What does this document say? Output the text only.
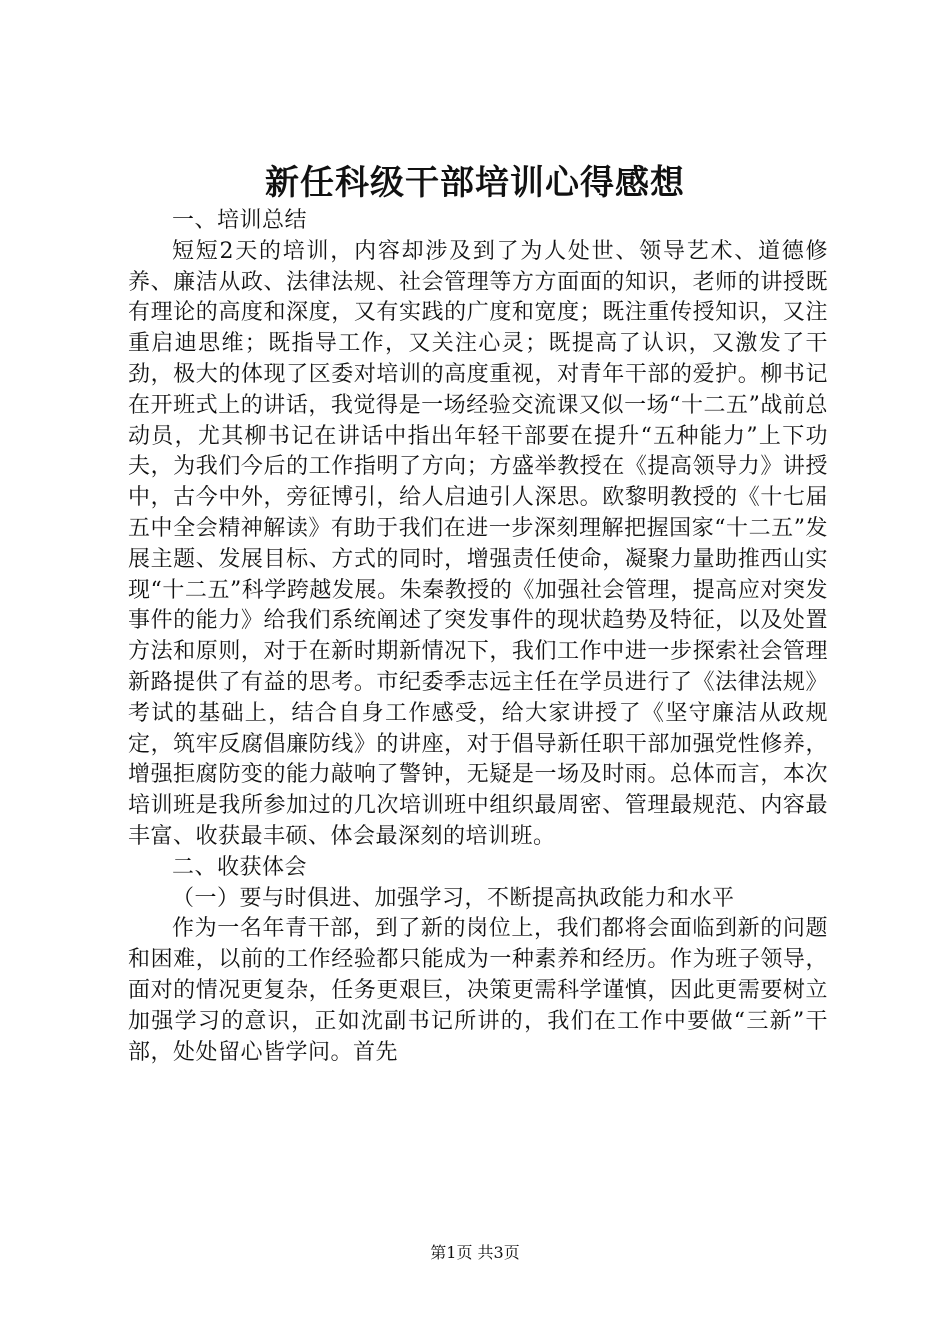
新任科级干部培训心得感想

一、培训总结

短短2天的培训，内容却涉及到了为人处世、领导艺术、道德修养、廉洁从政、法律法规、社会管理等方方面面的知识，老师的讲授既有理论的高度和深度，又有实践的广度和宽度；既注重传授知识，又注重启迪思维；既指导工作，又关注心灵；既提高了认识，又激发了干劲，极大的体现了区委对培训的高度重视，对青年干部的爱护。柳书记在开班式上的讲话，我觉得是一场经验交流课又似一场“十二五”战前总动员，尤其柳书记在讲话中指出年轻干部要在提升“五种能力”上下功夫，为我们今后的工作指明了方向；方盛举教授在《提高领导力》讲授中，古今中外，旁征博引，给人启迪引人深思。欧黎明教授的《十七届五中全会精神解读》有助于我们在进一步深刻理解把握国家“十二五”发展主题、发展目标、方式的同时，增强责任使命，凝聚力量助推西山实现“十二五”科学跨越发展。朱秦教授的《加强社会管理，提高应对突发事件的能力》给我们系统阐述了突发事件的现状趋势及特征，以及处置方法和原则，对于在新时期新情况下，我们工作中进一步探索社会管理新路提供了有益的思考。市纪委季志远主任在学员进行了《法律法规》考试的基础上，结合自身工作感受，给大家讲授了《坚守廉洁从政规定，筑牢反腐倡廉防线》的讲座，对于倡导新任职干部加强党性修养，增强拒腐防变的能力敲响了警钟，无疑是一场及时雨。总体而言，本次培训班是我所参加过的几次培训班中组织最周密、管理最规范、内容最丰富、收获最丰硕、体会最深刻的培训班。

二、收获体会

（一）要与时俱进、加强学习，不断提高执政能力和水平

作为一名年青干部，到了新的岗位上，我们都将会面临到新的问题和困难，以前的工作经验都只能成为一种素养和经历。作为班子领导，面对的情况更复杂，任务更艰巨，决策更需科学谨慎，因此更需要树立加强学习的意识，正如沈副书记所讲的，我们在工作中要做“三新”干部，处处留心皆学问。首先

第1页 共3页
